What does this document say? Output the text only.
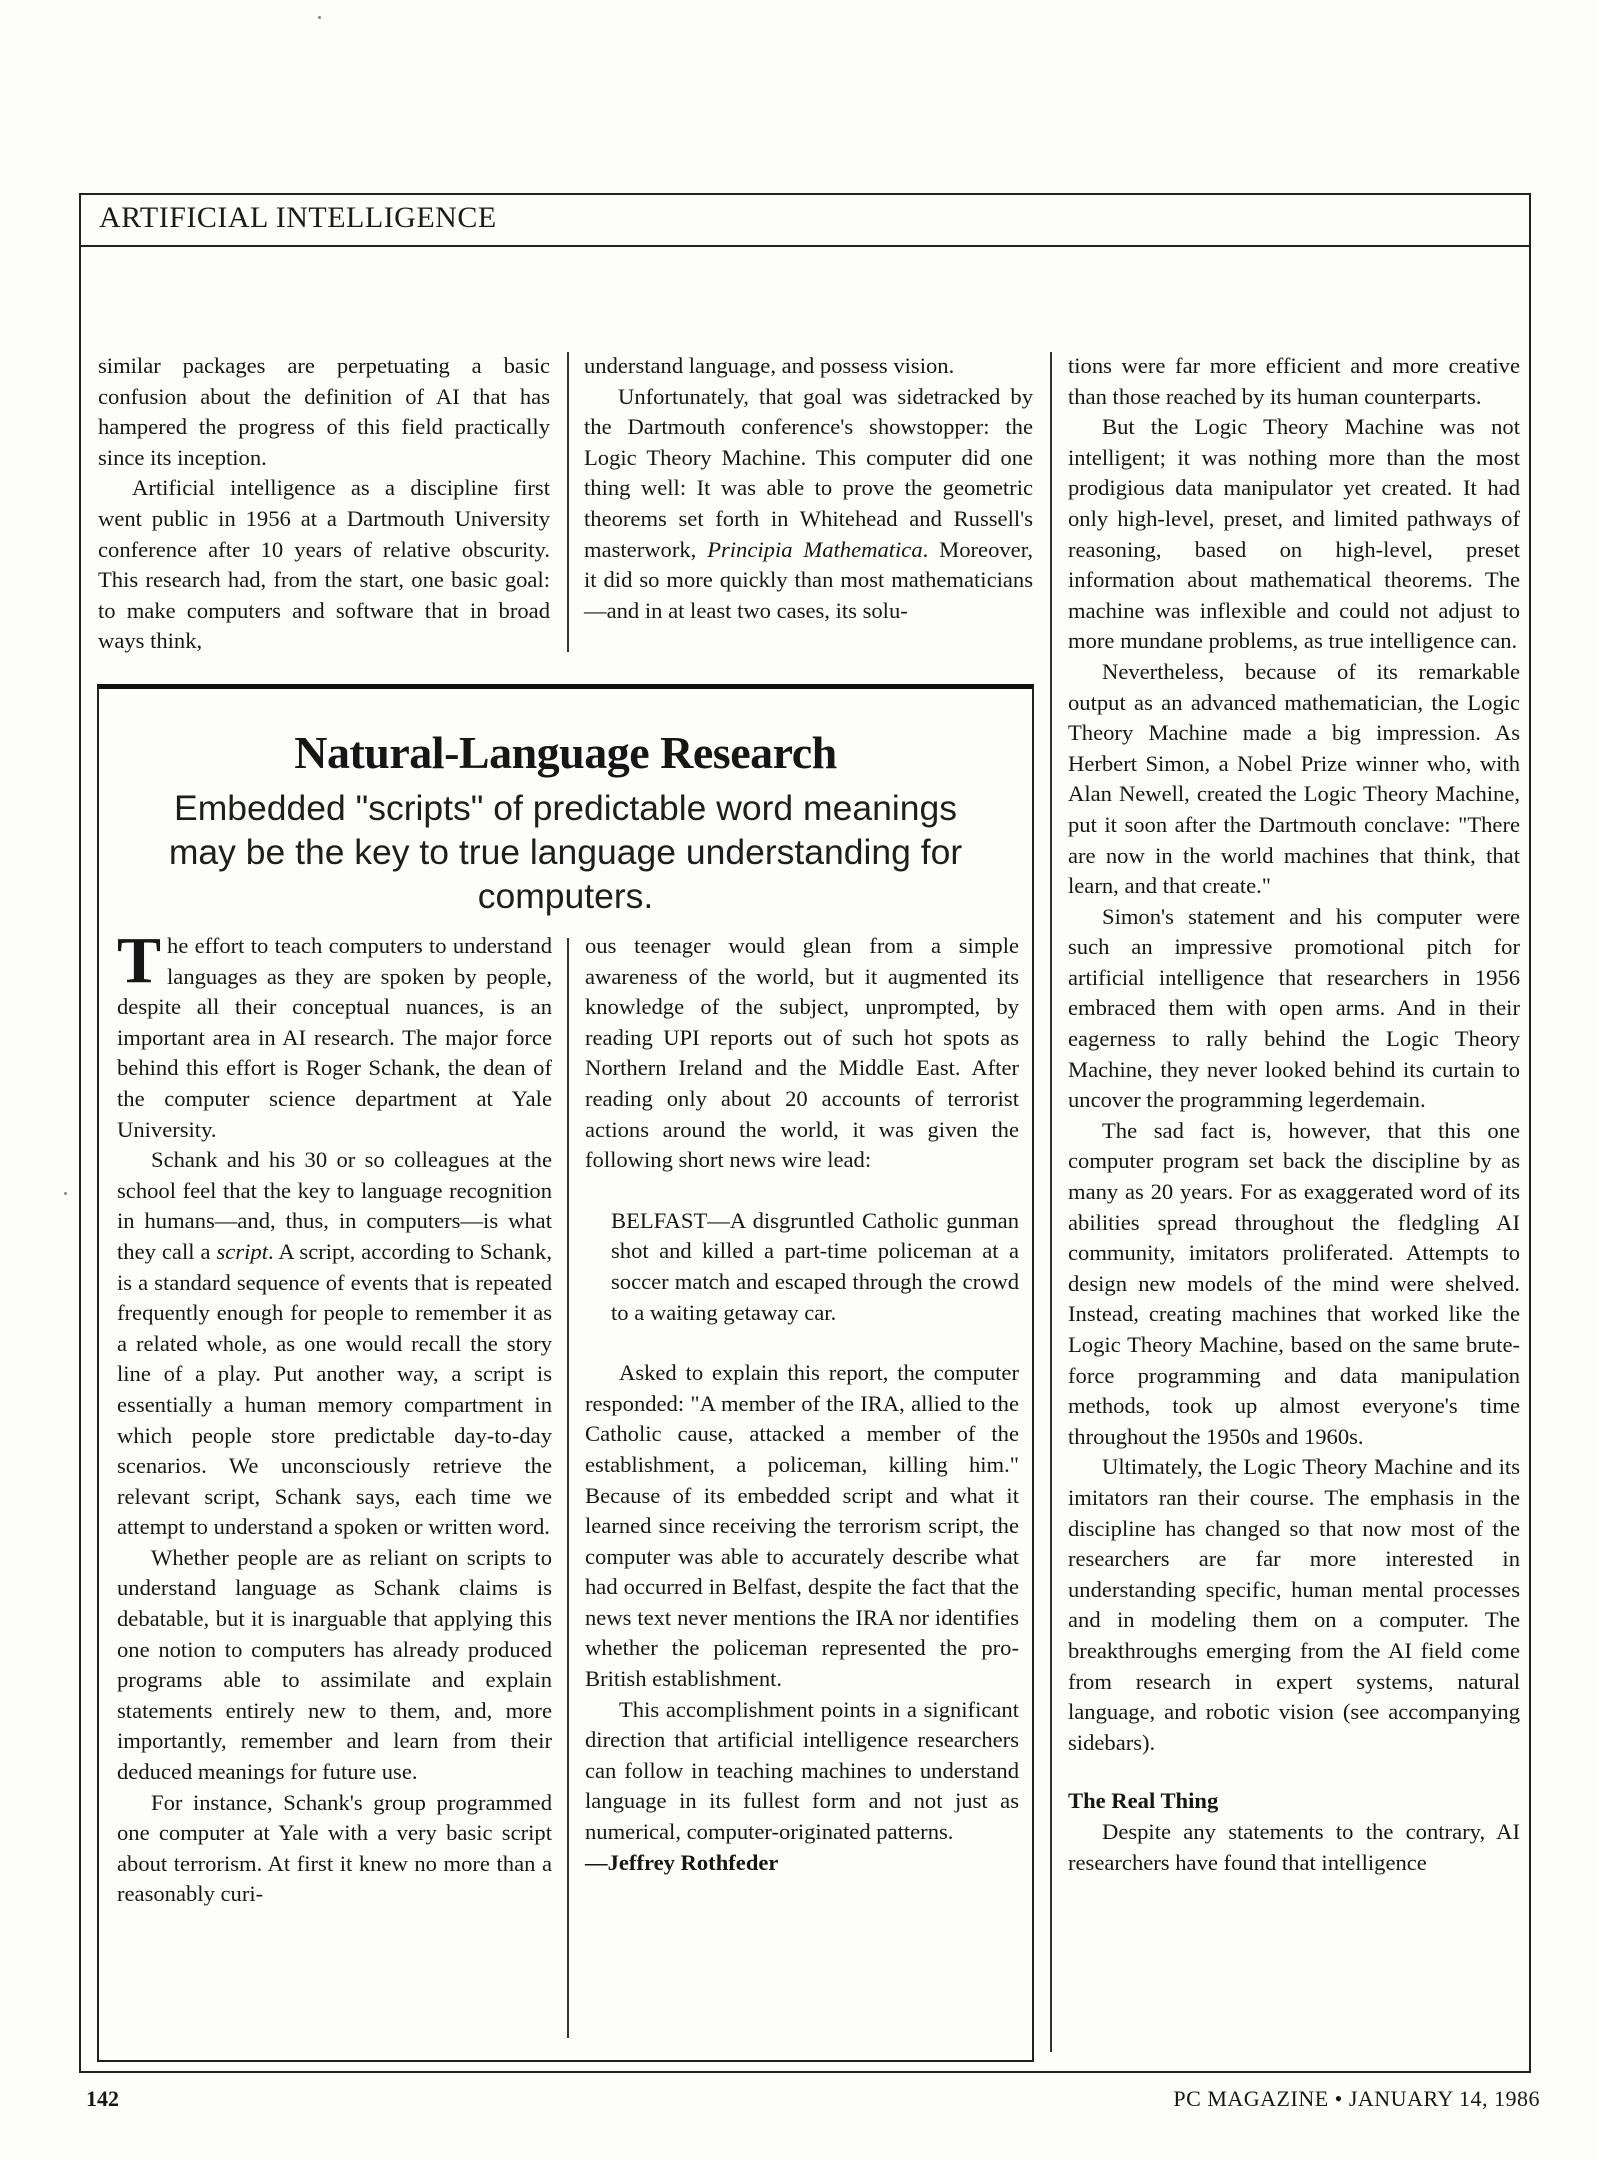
ARTIFICIAL INTELLIGENCE

similar packages are perpetuating a basic confusion about the definition of AI that has hampered the progress of this field practically since its inception.

Artificial intelligence as a discipline first went public in 1956 at a Dartmouth University conference after 10 years of relative obscurity. This research had, from the start, one basic goal: to make computers and software that in broad ways think,

understand language, and possess vision.

Unfortunately, that goal was sidetracked by the Dartmouth conference's showstopper: the Logic Theory Machine. This computer did one thing well: It was able to prove the geometric theorems set forth in Whitehead and Russell's masterwork, Principia Mathematica. Moreover, it did so more quickly than most mathematicians—and in at least two cases, its solu-

tions were far more efficient and more creative than those reached by its human counterparts.

But the Logic Theory Machine was not intelligent; it was nothing more than the most prodigious data manipulator yet created. It had only high-level, preset, and limited pathways of reasoning, based on high-level, preset information about mathematical theorems. The machine was inflexible and could not adjust to more mundane problems, as true intelligence can.

Nevertheless, because of its remarkable output as an advanced mathematician, the Logic Theory Machine made a big impression. As Herbert Simon, a Nobel Prize winner who, with Alan Newell, created the Logic Theory Machine, put it soon after the Dartmouth conclave: "There are now in the world machines that think, that learn, and that create."

Simon's statement and his computer were such an impressive promotional pitch for artificial intelligence that researchers in 1956 embraced them with open arms. And in their eagerness to rally behind the Logic Theory Machine, they never looked behind its curtain to uncover the programming legerdemain.

The sad fact is, however, that this one computer program set back the discipline by as many as 20 years. For as exaggerated word of its abilities spread throughout the fledgling AI community, imitators proliferated. Attempts to design new models of the mind were shelved. Instead, creating machines that worked like the Logic Theory Machine, based on the same brute-force programming and data manipulation methods, took up almost everyone's time throughout the 1950s and 1960s.

Ultimately, the Logic Theory Machine and its imitators ran their course. The emphasis in the discipline has changed so that now most of the researchers are far more interested in understanding specific, human mental processes and in modeling them on a computer. The breakthroughs emerging from the AI field come from research in expert systems, natural language, and robotic vision (see accompanying sidebars).

The Real Thing

Despite any statements to the contrary, AI researchers have found that intelligence

Natural-Language Research
Embedded "scripts" of predictable word meanings may be the key to true language understanding for computers.

The effort to teach computers to understand languages as they are spoken by people, despite all their conceptual nuances, is an important area in AI research. The major force behind this effort is Roger Schank, the dean of the computer science department at Yale University.

Schank and his 30 or so colleagues at the school feel that the key to language recognition in humans—and, thus, in computers—is what they call a script. A script, according to Schank, is a standard sequence of events that is repeated frequently enough for people to remember it as a related whole, as one would recall the story line of a play. Put another way, a script is essentially a human memory compartment in which people store predictable day-to-day scenarios. We unconsciously retrieve the relevant script, Schank says, each time we attempt to understand a spoken or written word.

Whether people are as reliant on scripts to understand language as Schank claims is debatable, but it is inarguable that applying this one notion to computers has already produced programs able to assimilate and explain statements entirely new to them, and, more importantly, remember and learn from their deduced meanings for future use.

For instance, Schank's group programmed one computer at Yale with a very basic script about terrorism. At first it knew no more than a reasonably curi-

ous teenager would glean from a simple awareness of the world, but it augmented its knowledge of the subject, unprompted, by reading UPI reports out of such hot spots as Northern Ireland and the Middle East. After reading only about 20 accounts of terrorist actions around the world, it was given the following short news wire lead:

BELFAST—A disgruntled Catholic gunman shot and killed a part-time policeman at a soccer match and escaped through the crowd to a waiting getaway car.

Asked to explain this report, the computer responded: "A member of the IRA, allied to the Catholic cause, attacked a member of the establishment, a policeman, killing him." Because of its embedded script and what it learned since receiving the terrorism script, the computer was able to accurately describe what had occurred in Belfast, despite the fact that the news text never mentions the IRA nor identifies whether the policeman represented the pro-British establishment.

This accomplishment points in a significant direction that artificial intelligence researchers can follow in teaching machines to understand language in its fullest form and not just as numerical, computer-originated patterns.

—Jeffrey Rothfeder

142	PC MAGAZINE • JANUARY 14, 1986
